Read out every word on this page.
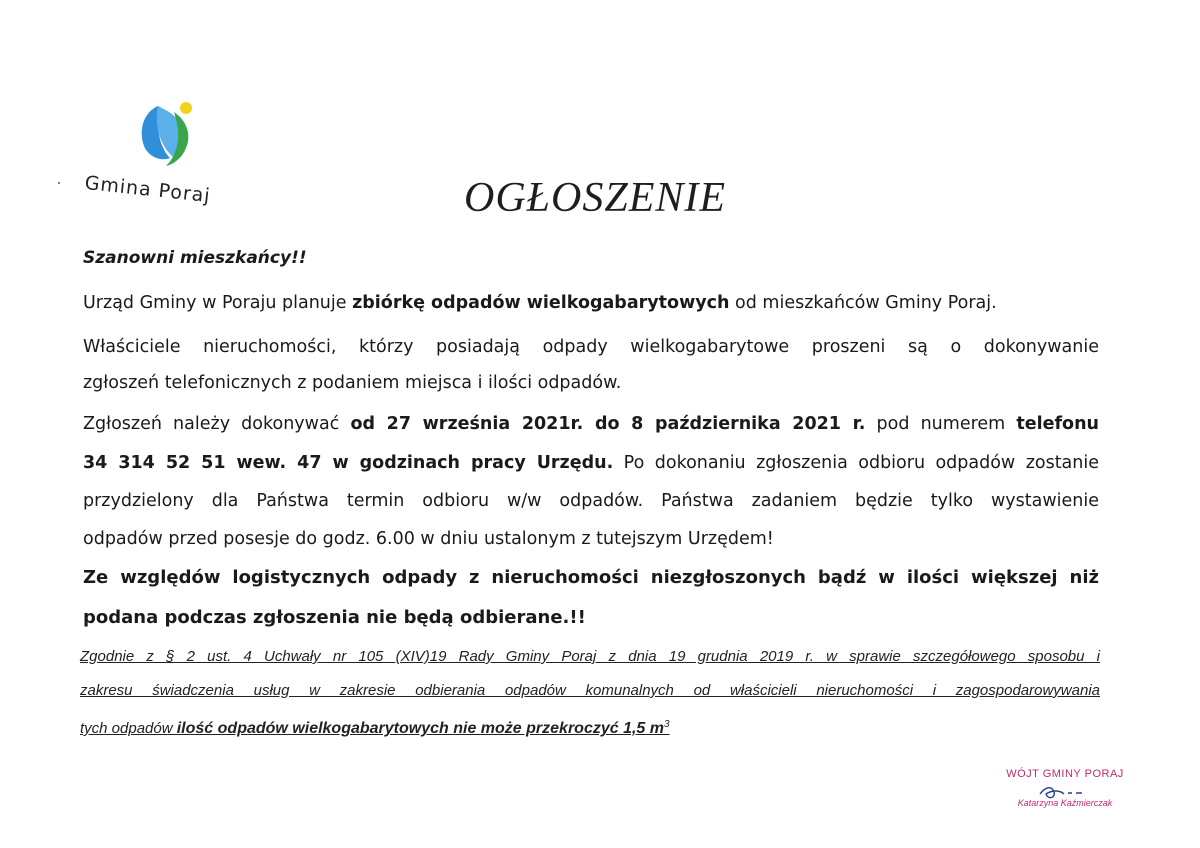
Gmina Poraj	OGŁOSZENIE
Szanowni mieszkańcy!!
Urząd Gminy w Poraju planuje zbiórkę odpadów wielkogabarytowych od mieszkańców Gminy Poraj.
Właściciele nieruchomości, którzy posiadają odpady wielkogabarytowe proszeni są o dokonywanie
zgłoszeń telefonicznych z podaniem miejsca i ilości odpadów.
Zgłoszeń należy dokonywać od 27 września 2021r. do 8 października 2021 r. pod numerem telefonu
34 314 52 51 wew. 47 w godzinach pracy Urzędu. Po dokonaniu zgłoszenia odbioru odpadów zostanie
przydzielony dla Państwa termin odbioru w/w odpadów. Państwa zadaniem będzie tylko wystawienie
odpadów przed posesje do godz. 6.00 w dniu ustalonym z tutejszym Urzędem!
Ze względów logistycznych odpady z nieruchomości niezgłoszonych bądź w ilości większej niż
podana podczas zgłoszenia nie będą odbierane.!!
Zgodnie z § 2 ust. 4 Uchwały nr 105 (XIV)19 Rady Gminy Poraj z dnia 19 grudnia 2019 r. w sprawie szczegółowego sposobu i
zakresu świadczenia usług w zakresie odbierania odpadów komunalnych od właścicieli nieruchomości i zagospodarowywania
tych odpadów ilość odpadów wielkogabarytowych nie może przekroczyć 1,5 $m^3$
WÓJT GMINY PORAJ
Katarzyna Kaźmierczak
